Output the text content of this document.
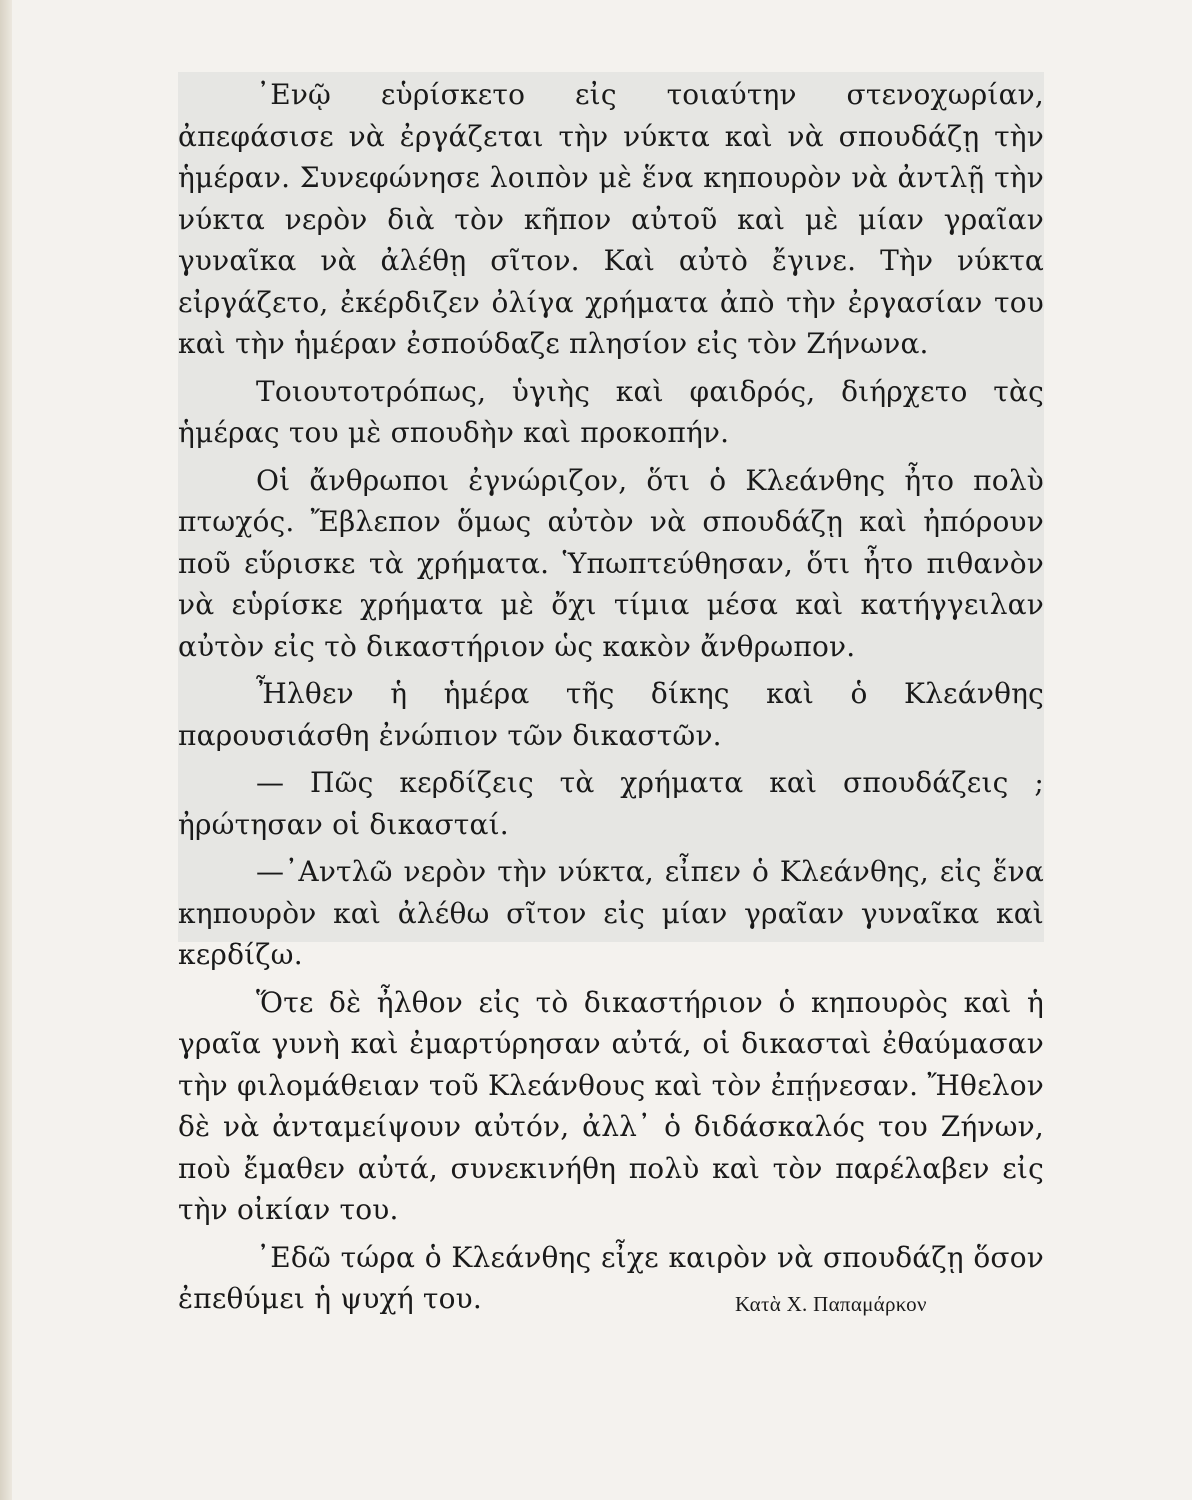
᾿Ενῷ εὑρίσκετο εἰς τοιαύτην στενοχωρίαν, ἀπεφάσισε νὰ ἐργάζεται τὴν νύκτα καὶ νὰ σπουδάζῃ τὴν ἡμέραν. Συνεφώνησε λοιπὸν μὲ ἕνα κηπουρὸν νὰ ἀντλῇ τὴν νύκτα νερὸν διὰ τὸν κῆπον αὐτοῦ καὶ μὲ μίαν γραῖαν γυναῖκα νὰ ἀλέθῃ σῖτον. Καὶ αὐτὸ ἔγινε. Τὴν νύκτα εἰργάζετο, ἐκέρδιζεν ὀλίγα χρήματα ἀπὸ τὴν ἐργασίαν του καὶ τὴν ἡμέραν ἐσπούδαζε πλησίον εἰς τὸν Ζήνωνα.

Τοιουτοτρόπως, ὑγιὴς καὶ φαιδρός, διήρχετο τὰς ἡμέρας του μὲ σπουδὴν καὶ προκοπήν.

Οἱ ἄνθρωποι ἐγνώριζον, ὅτι ὁ Κλεάνθης ἦτο πολὺ πτωχός. Ἔβλεπον ὅμως αὐτὸν νὰ σπουδάζῃ καὶ ἠπόρουν ποῦ εὕρισκε τὰ χρήματα. Ὑπωπτεύθησαν, ὅτι ἦτο πιθανὸν νὰ εὑρίσκε χρήματα μὲ ὄχι τίμια μέσα καὶ κατήγγειλαν αὐτὸν εἰς τὸ δικαστήριον ὡς κακὸν ἄνθρωπον.

Ἦλθεν ἡ ἡμέρα τῆς δίκης καὶ ὁ Κλεάνθης παρουσιάσθη ἐνώπιον τῶν δικαστῶν.

— Πῶς κερδίζεις τὰ χρήματα καὶ σπουδάζεις ; ἠρώτησαν οἱ δικασταί.

—᾿Αντλῶ νερὸν τὴν νύκτα, εἶπεν ὁ Κλεάνθης, εἰς ἕνα κηπουρὸν καὶ ἀλέθω σῖτον εἰς μίαν γραῖαν γυναῖκα καὶ κερδίζω.

Ὅτε δὲ ἦλθον εἰς τὸ δικαστήριον ὁ κηπουρὸς καὶ ἡ γραῖα γυνὴ καὶ ἐμαρτύρησαν αὐτά, οἱ δικασταὶ ἐθαύμασαν τὴν φιλομάθειαν τοῦ Κλεάνθους καὶ τὸν ἐπῄνεσαν. Ἤθελον δὲ νὰ ἀνταμείψουν αὐτόν, ἀλλ᾿ ὁ διδάσκαλός του Ζήνων, ποὺ ἔμαθεν αὐτά, συνεκινήθη πολὺ καὶ τὸν παρέλαβεν εἰς τὴν οἰκίαν του.

᾿Εδῶ τώρα ὁ Κλεάνθης εἶχε καιρὸν νὰ σπουδάζῃ ὅσον ἐπεθύμει ἡ ψυχή του.	Κατὰ Χ. Παπαμάρκον
